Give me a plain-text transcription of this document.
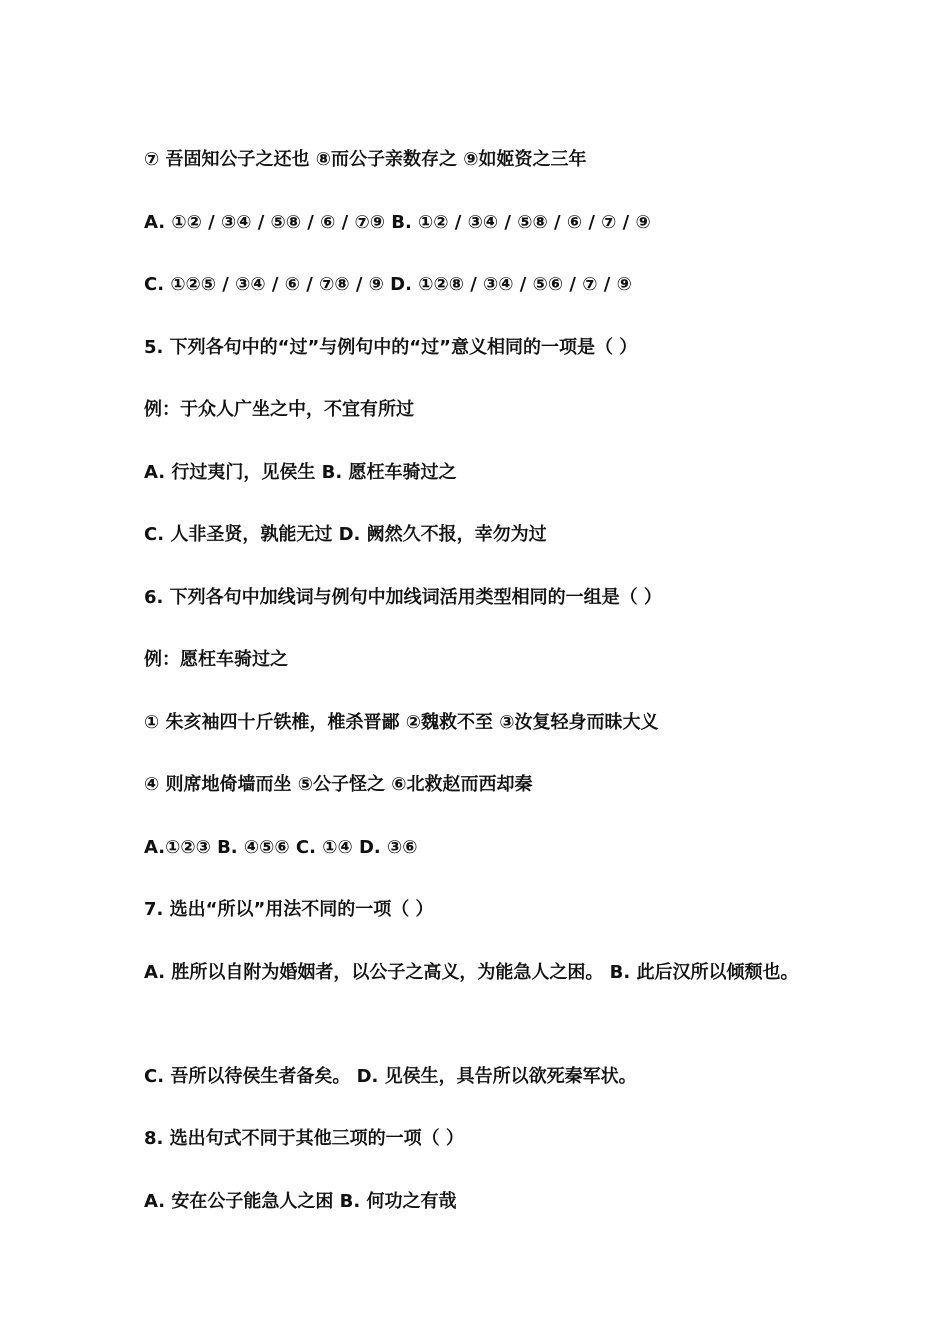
⑦ 吾固知公子之还也 ⑧而公子亲数存之 ⑨如姬资之三年
A. ①② / ③④ / ⑤⑧ / ⑥ / ⑦⑨ B. ①② / ③④ / ⑤⑧ / ⑥ / ⑦ / ⑨
C. ①②⑤ / ③④ / ⑥ / ⑦⑧ / ⑨ D. ①②⑧ / ③④ / ⑤⑥ / ⑦ / ⑨
5. 下列各句中的“过”与例句中的“过”意义相同的一项是（ ）
例：于众人广坐之中，不宜有所过
A. 行过夷门，见侯生 B. 愿枉车骑过之
C. 人非圣贤，孰能无过 D. 阙然久不报，幸勿为过
6. 下列各句中加线词与例句中加线词活用类型相同的一组是（ ）
例：愿枉车骑过之
① 朱亥袖四十斤铁椎，椎杀晋鄙 ②魏救不至 ③汝复轻身而昧大义
④ 则席地倚墙而坐 ⑤公子怪之 ⑥北救赵而西却秦
A.①②③ B. ④⑤⑥ C. ①④ D. ③⑥
7. 选出“所以”用法不同的一项（ ）
A. 胜所以自附为婚姻者，以公子之高义，为能急人之困。 B. 此后汉所以倾颓也。
C. 吾所以待侯生者备矣。 D. 见侯生，具告所以欲死秦军状。
8. 选出句式不同于其他三项的一项（ ）
A. 安在公子能急人之困 B. 何功之有哉
